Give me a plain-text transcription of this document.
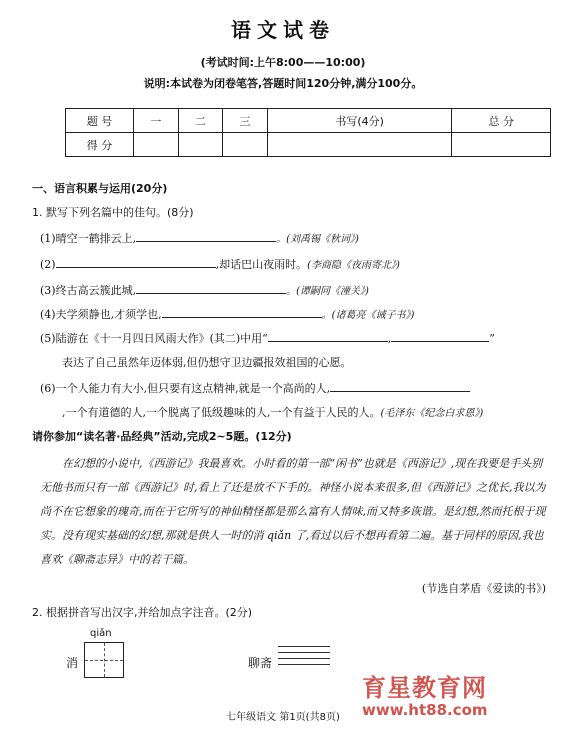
语文试卷
(考试时间:上午8:00——10:00)
说明:本试卷为闭卷笔答,答题时间120分钟,满分100分。
题 号	一	二	三	书写(4分)	总 分
得 分					
一、语言积累与运用(20分)
1. 默写下列名篇中的佳句。(8分)
(1)晴空一鹤排云上,	。(刘禹锡《秋词》)
(2)	,却话巴山夜雨时。(李商隐《夜雨寄北》)
(3)终古高云簇此城,	。(谭嗣同《潼关》)
(4)夫学须静也,才须学也,	。(诸葛亮《诫子书》)
(5)陆游在《十一月四日风雨大作》(其二)中用“	,	”
表达了自己虽然年迈体弱,但仍想守卫边疆报效祖国的心愿。
(6)一个人能力有大小,但只要有这点精神,就是一个高尚的人,
,一个有道德的人,一个脱离了低级趣味的人,一个有益于人民的人。(毛泽东《纪念白求恩》)
请你参加“读名著·品经典”活动,完成2~5题。(12分)

在幻想的小说中,《西游记》我最喜欢。小时看的第一部“闲书”也就是《西游记》,现在我要是手头别无他书而只有一部《西游记》时,看上了还是放不下手的。神怪小说本来很多,但《西游记》之优长,我以为尚不在它想象的瑰奇,而在于它所写的神仙精怪都是那么富有人情味,而又特多诙谐。是幻想,然而托根于现实。没有现实基础的幻想,那就是供人一时的消 qiǎn 了,看过以后不想再看第二遍。基于同样的原因,我也喜欢《聊斋志异》中的若干篇。

(节选自茅盾《爱读的书》)
2. 根据拼音写出汉字,并给加点字注音。(2分)
qiǎn
消	聊斋
育星教育网
www.ht88.com
七年级语文 第1页(共8页)
